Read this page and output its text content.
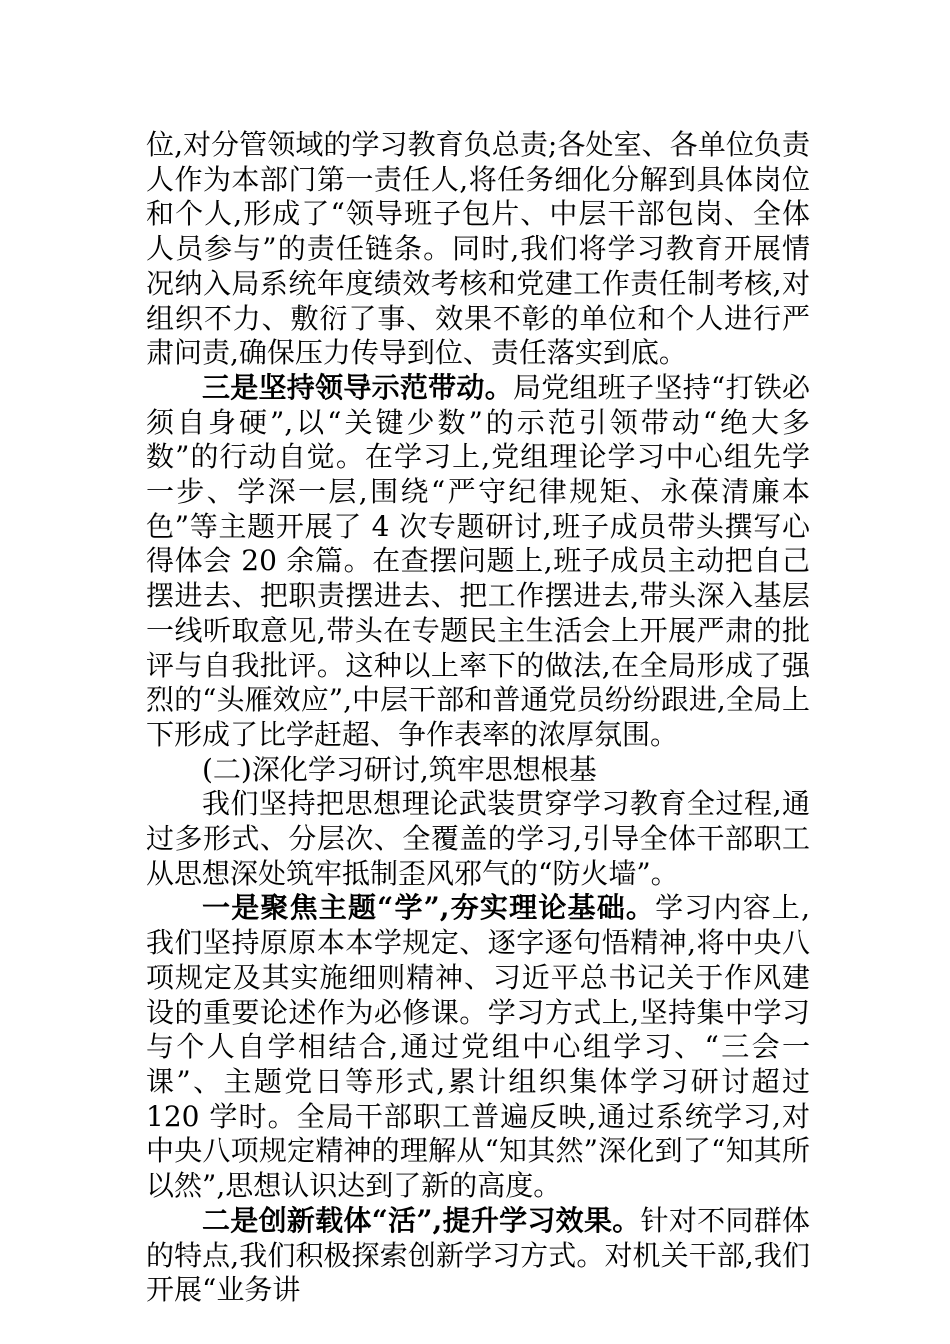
位,对分管领域的学习教育负总责;各处室、各单位负责人作为本部门第一责任人,将任务细化分解到具体岗位和个人,形成了“领导班子包片、中层干部包岗、全体人员参与”的责任链条。同时,我们将学习教育开展情况纳入局系统年度绩效考核和党建工作责任制考核,对组织不力、敷衍了事、效果不彰的单位和个人进行严肃问责,确保压力传导到位、责任落实到底。

三是坚持领导示范带动。局党组班子坚持“打铁必须自身硬”,以“关键少数”的示范引领带动“绝大多数”的行动自觉。在学习上,党组理论学习中心组先学一步、学深一层,围绕“严守纪律规矩、永葆清廉本色”等主题开展了 4 次专题研讨,班子成员带头撰写心得体会 20 余篇。在查摆问题上,班子成员主动把自己摆进去、把职责摆进去、把工作摆进去,带头深入基层一线听取意见,带头在专题民主生活会上开展严肃的批评与自我批评。这种以上率下的做法,在全局形成了强烈的“头雁效应”,中层干部和普通党员纷纷跟进,全局上下形成了比学赶超、争作表率的浓厚氛围。

(二)深化学习研讨,筑牢思想根基

我们坚持把思想理论武装贯穿学习教育全过程,通过多形式、分层次、全覆盖的学习,引导全体干部职工从思想深处筑牢抵制歪风邪气的“防火墙”。

一是聚焦主题“学”,夯实理论基础。学习内容上,我们坚持原原本本学规定、逐字逐句悟精神,将中央八项规定及其实施细则精神、习近平总书记关于作风建设的重要论述作为必修课。学习方式上,坚持集中学习与个人自学相结合,通过党组中心组学习、“三会一课”、主题党日等形式,累计组织集体学习研讨超过 120 学时。全局干部职工普遍反映,通过系统学习,对中央八项规定精神的理解从“知其然”深化到了“知其所以然”,思想认识达到了新的高度。

二是创新载体“活”,提升学习效果。针对不同群体的特点,我们积极探索创新学习方式。对机关干部,我们开展“业务讲
